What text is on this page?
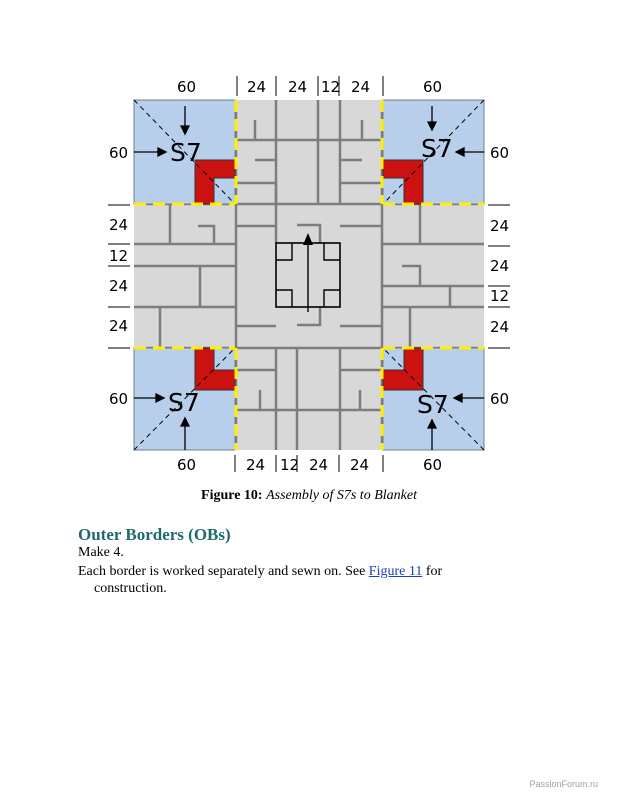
S7	S7
S7	S7
60	24 24 12 24	60
60	24 12 24 24	60
60
24
12
24
24
60
60
24
24
12
24
60
Figure 10: Assembly of S7s to Blanket
Outer Borders (OBs)
Make 4.
Each border is worked separately and sewn on. See Figure 11 for
construction.
PassionForum.ru
